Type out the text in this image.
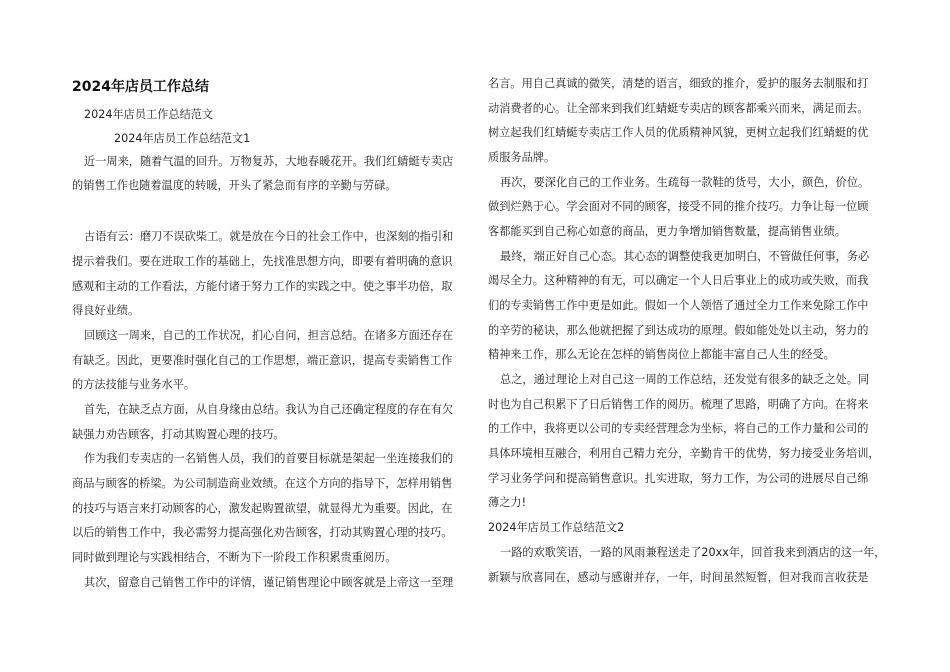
2024年店员工作总结
2024年店员工作总结范文
2024年店员工作总结范文1
近一周来，随着气温的回升。万物复苏，大地春暖花开。我们红蜻蜓专卖店
的销售工作也随着温度的转暖，开头了紧急而有序的辛勤与劳碌。
古语有云：磨刀不误砍柴工。就是放在今日的社会工作中，也深刻的指引和
提示着我们。要在进取工作的基础上，先找准思想方向，即要有着明确的意识
感观和主动的工作看法，方能付诸于努力工作的实践之中。使之事半功倍，取
得良好业绩。
回顾这一周来，自己的工作状况，扪心自问，担言总结。在诸多方面还存在
有缺乏。因此，更要准时强化自己的工作思想，端正意识，提高专卖销售工作
的方法技能与业务水平。
首先，在缺乏点方面，从自身缘由总结。我认为自己还确定程度的存在有欠
缺强力劝告顾客，打动其购置心理的技巧。
作为我们专卖店的一名销售人员，我们的首要目标就是架起一坐连接我们的
商品与顾客的桥梁。为公司制造商业效绩。在这个方向的指导下，怎样用销售
的技巧与语言来打动顾客的心，激发起购置欲望，就显得尤为重要。因此，在
以后的销售工作中，我必需努力提高强化劝告顾客，打动其购置心理的技巧。
同时做到理论与实践相结合，不断为下一阶段工作积累贵重阅历。
其次，留意自己销售工作中的详情，谨记销售理论中顾客就是上帝这一至理
名言。用自己真诚的微笑，清楚的语言，细致的推介，爱护的服务去制服和打
动消费者的心。让全部来到我们红蜻蜓专卖店的顾客都乘兴而来，满足而去。
树立起我们红蜻蜓专卖店工作人员的优质精神风貌，更树立起我们红蜻蜓的优
质服务品牌。
再次，要深化自己的工作业务。生疏每一款鞋的货号，大小，颜色，价位。
做到烂熟于心。学会面对不同的顾客，接受不同的推介技巧。力争让每一位顾
客都能买到自己称心如意的商品，更力争增加销售数量，提高销售业绩。
最终，端正好自己心态。其心态的调整使我更加明白，不管做任何事，务必
竭尽全力。这种精神的有无，可以确定一个人日后事业上的成功或失败，而我
们的专卖销售工作中更是如此。假如一个人领悟了通过全力工作来免除工作中
的辛劳的秘诀，那么他就把握了到达成功的原理。假如能处处以主动，努力的
精神来工作，那么无论在怎样的销售岗位上都能丰富自己人生的经受。
总之，通过理论上对自己这一周的工作总结，还发觉有很多的缺乏之处。同
时也为自己积累下了日后销售工作的阅历。梳理了思路，明确了方向。在将来
的工作中，我将更以公司的专卖经营理念为坐标，将自己的工作力量和公司的
具体环境相互融合，利用自己精力充分，辛勤肯干的优势，努力接受业务培训，
学习业务学问和提高销售意识。扎实进取，努力工作，为公司的进展尽自己绵
薄之力!
2024年店员工作总结范文2
一路的欢歌笑语，一路的风雨兼程送走了20xx年，回首我来到酒店的这一年，
新颖与欣喜同在，感动与感谢并存，一年，时间虽然短暂，但对我而言收获是
